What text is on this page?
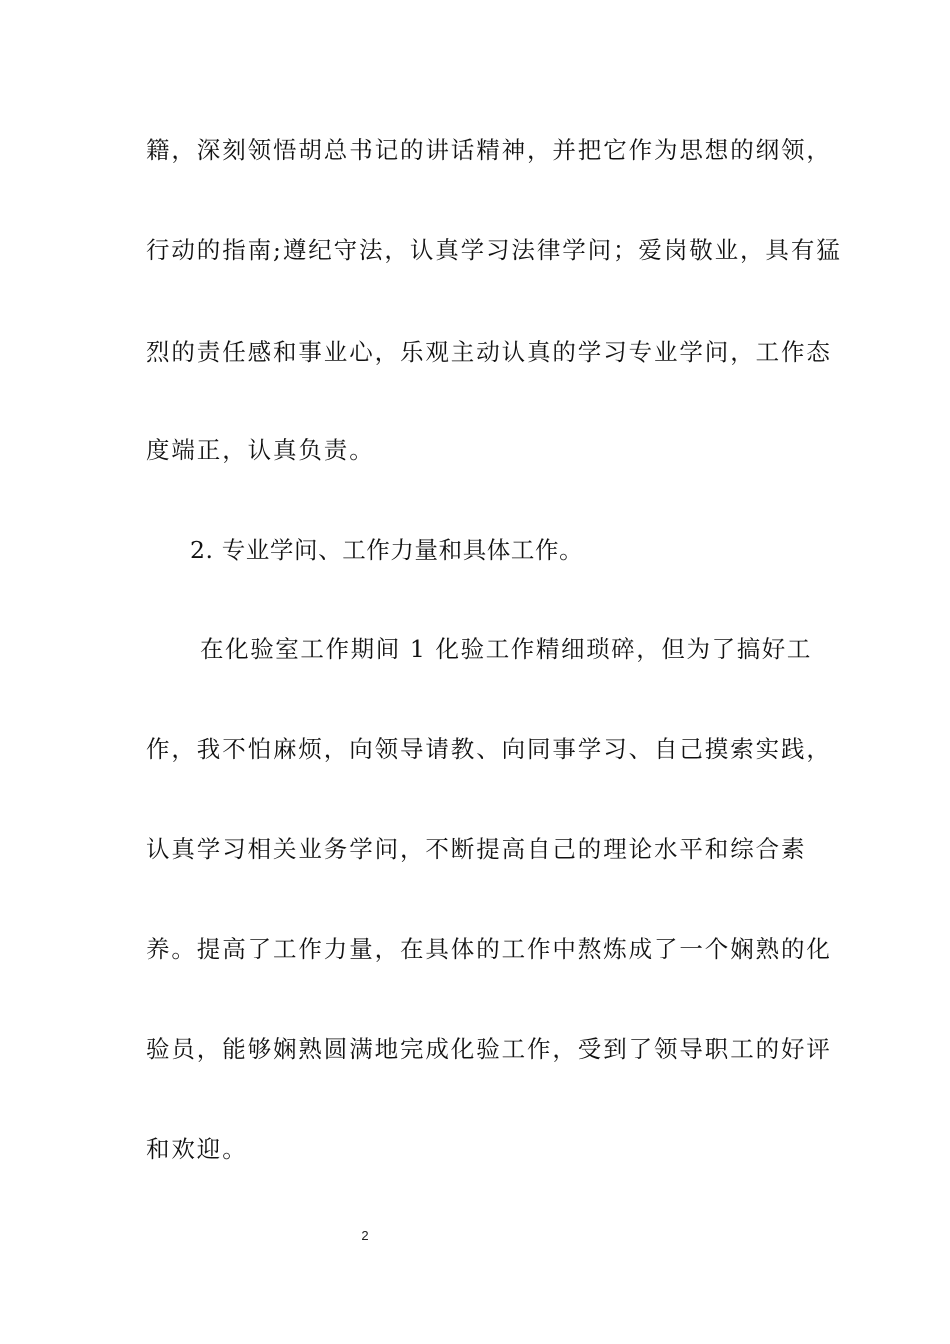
籍，深刻领悟胡总书记的讲话精神，并把它作为思想的纲领，
行动的指南;遵纪守法，认真学习法律学问；爱岗敬业，具有猛
烈的责任感和事业心，乐观主动认真的学习专业学问，工作态
度端正，认真负责。
2. 专业学问、工作力量和具体工作。
在化验室工作期间 1 化验工作精细琐碎，但为了搞好工
作，我不怕麻烦，向领导请教、向同事学习、自己摸索实践，
认真学习相关业务学问，不断提高自己的理论水平和综合素
养。提高了工作力量，在具体的工作中熬炼成了一个娴熟的化
验员，能够娴熟圆满地完成化验工作，受到了领导职工的好评
和欢迎。
2
